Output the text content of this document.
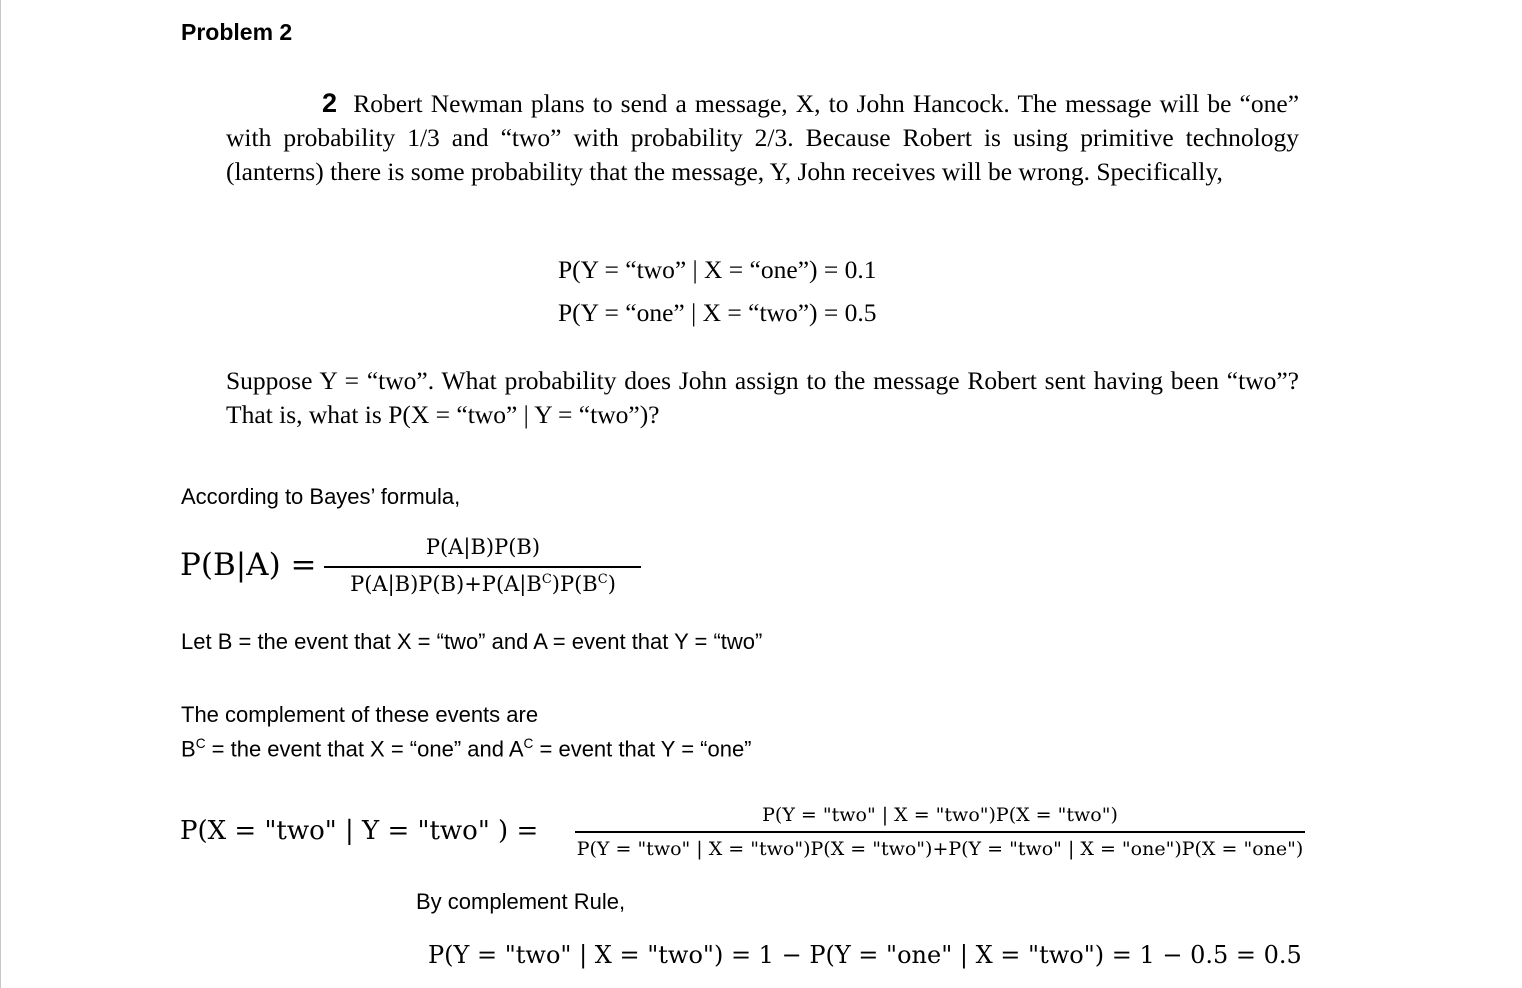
Problem 2

2 Robert Newman plans to send a message, X, to John Hancock. The message will be “one” with probability 1/3 and “two” with probability 2/3. Because Robert is using primitive technology (lanterns) there is some probability that the message, Y, John receives will be wrong. Specifically,

P(Y = “two” | X = “one”) = 0.1
P(Y = “one” | X = “two”) = 0.5

Suppose Y = “two”. What probability does John assign to the message Robert sent having been “two”? That is, what is P(X = “two” | Y = “two”)?

According to Bayes’ formula,
P(B|A) =	P(A|B)P(B)
$P(A|B)P(B)+P(A|B^C)P(B^C)$
Let B = the event that X = “two” and A = event that Y = “two”
The complement of these events are
$B^C$ = the event that X = “one” and $A^C$ = event that Y = “one”
P(X = "two" | Y = "two" ) =
P(Y = "two" | X = "two")P(X = "two")
P(Y = "two" | X = "two")P(X = "two")+P(Y = "two" | X = "one")P(X = "one")
By complement Rule,
P(Y = "two" | X = "two") = 1 − P(Y = "one" | X = "two") = 1 − 0.5 = 0.5
